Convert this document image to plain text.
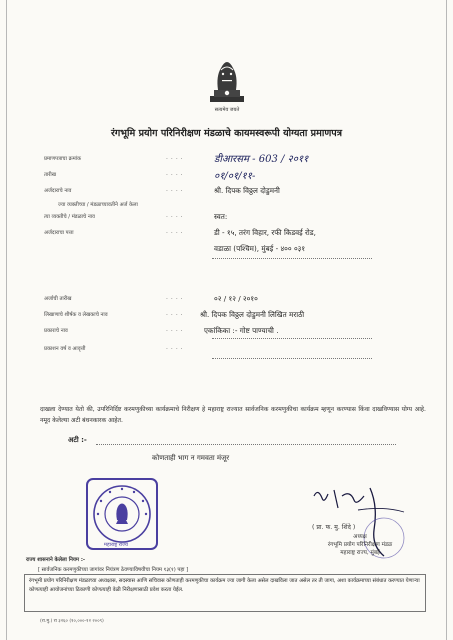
सत्यमेव जयते
रंगभूमि प्रयोग परिनिरीक्षण मंडळाचे कायमस्वरूपी योग्यता प्रमाणपत्र
प्रमाणपत्राचा क्रमांक	....	डीआरसम - 603 / २०११
तारीख	....	०१/०१/११-
अर्जदाराचे नाव	....	श्री. दिपक विठ्ठल दोडुमनी
ज्या व्यक्तीच्या / मंडळाच्यावतीने अर्ज केला
त्या व्यक्तीचे / मंडळाचे नाव	....	स्वत:
अर्जदाराचा पत्ता	....	डी - १५, तरंग विहार, रफी किडवई रोड,
वडाळा (पश्चिम), मुंबई - ४०० ०३१
अर्जाची तारीख	....	०२ / १२ / २०१०
लिखाणाचे शीर्षक व लेखकाचे नाव	.... श्री. दिपक विठ्ठल दोडुमनी लिखित मराठी
प्रकाराचे नाव	....	एकांकिका :- गोष्ट पाण्याची .
प्रकाशन वर्ष व आवृत्ती	....
दाखला देण्यात येतो की, उपरिनिर्दिष्ट करमणुकीच्या कार्यक्रमाचे निरीक्षण हे महाराष्ट्र राज्यात सार्वजनिक करमणुकीचा कार्यक्रम म्हणून करण्यास किंवा दाखविण्यास योग्य आहे. नमूद केलेल्या अटी बंधनकारक आहेत.
अटी :-
कोणताही भाग न गमवता मंजूर
महाराष्ट्र राज्य
( प्रा. फ. मु. शिंदे )
अध्यक्ष
रंगभूमि प्रयोग परिनिरीक्षण मंडळ
महाराष्ट्र राज्य, मुंबई
राज्य शासनाने केलेला नियम :-
[ सार्वजनिक करमणुकीच्या जागांवर नियंत्रण ठेवण्याविषयीचा नियम १३(१) पहा ]
रंगभूमी प्रयोग परिनिरीक्षण मंडळाच्या अध्यक्षास, सदस्यास आणि सचिवास कोणताही करमणुकीचा कार्यक्रम ज्या जागी केला असेल दाखविला जात असेल तर ती जागा, अशा कार्यक्रमाच्या संबंधात करण्यात येणाऱ्या कोणत्याही आयोजनांच्या ठिकाणी कोणत्याही वेळी निरीक्षणासाठी प्रवेश करता येईल.
(रा.मु.) रा ३२६० (१०,०००-१२ २००९)
